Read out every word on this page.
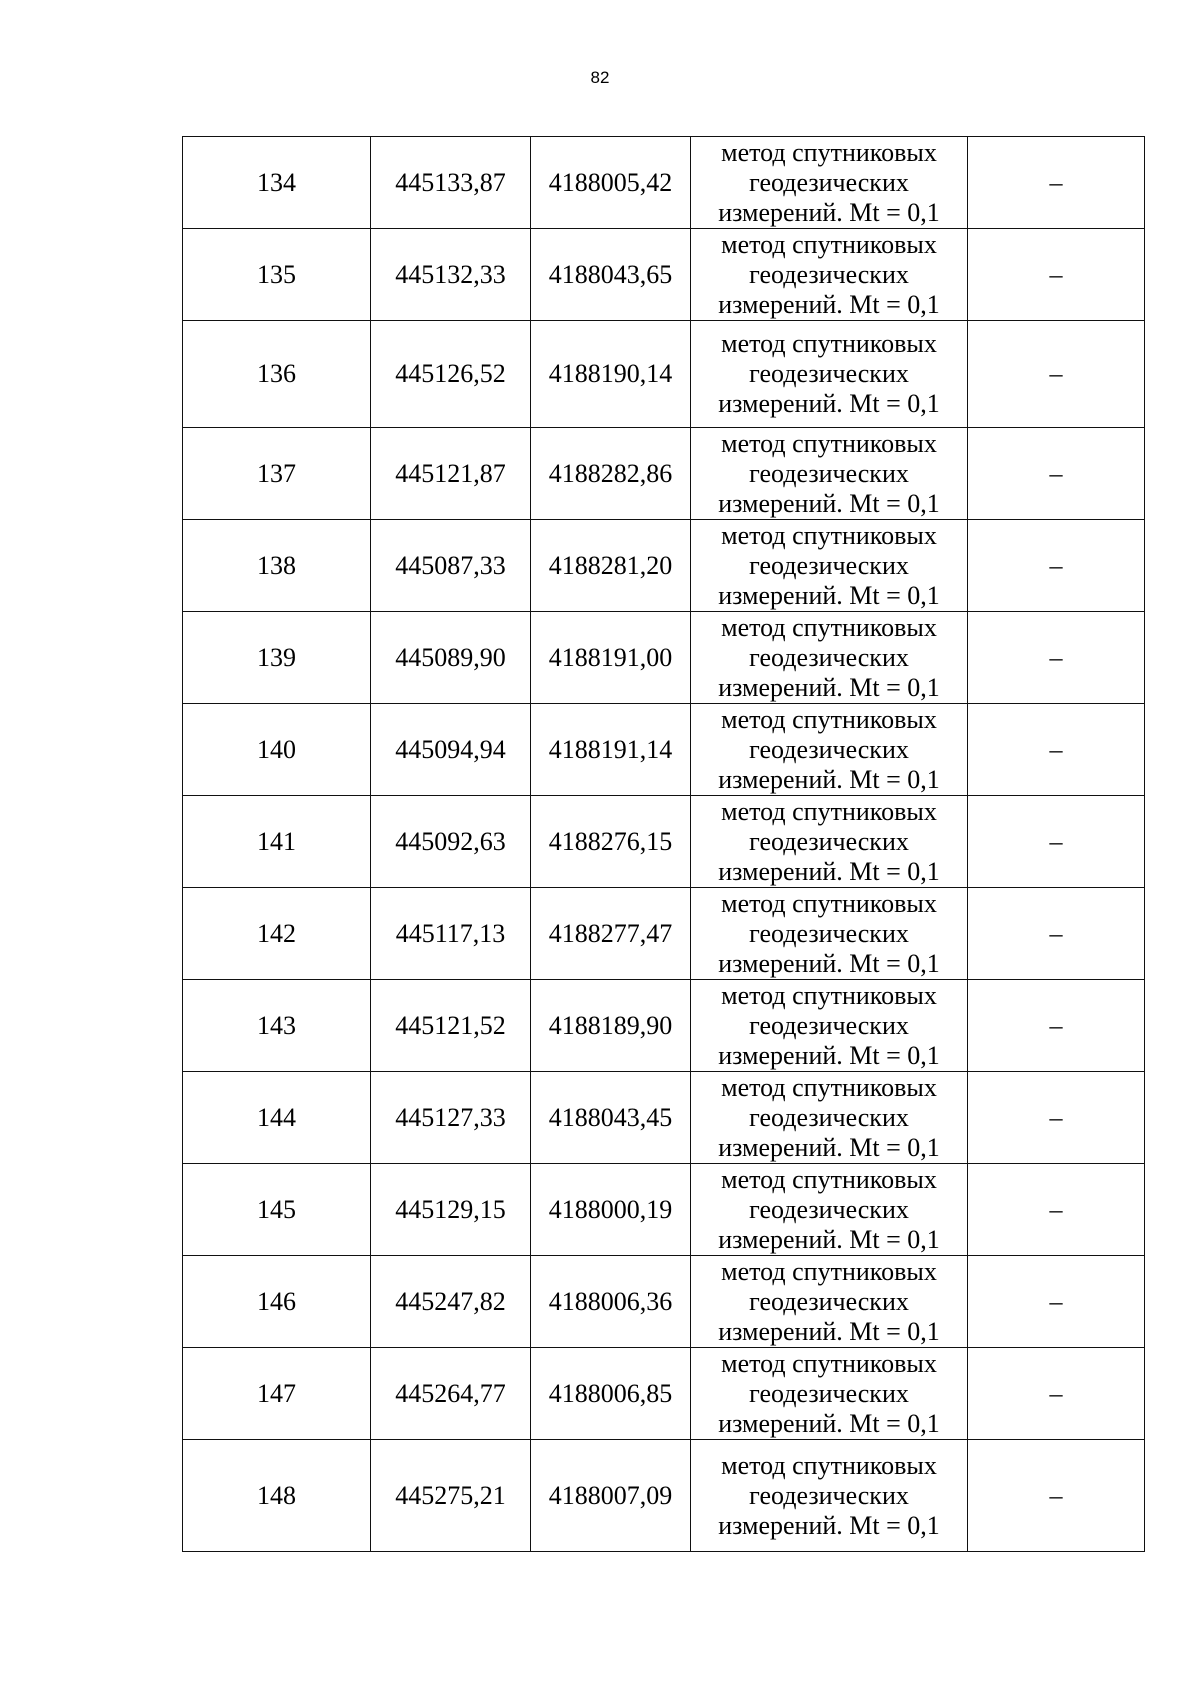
82
134	445133,87	4188005,42	метод спутниковых
геодезических
измерений. Mt = 0,1	–
135	445132,33	4188043,65	метод спутниковых
геодезических
измерений. Mt = 0,1	–
136	445126,52	4188190,14	метод спутниковых
геодезических
измерений. Mt = 0,1	–
137	445121,87	4188282,86	метод спутниковых
геодезических
измерений. Mt = 0,1	–
138	445087,33	4188281,20	метод спутниковых
геодезических
измерений. Mt = 0,1	–
139	445089,90	4188191,00	метод спутниковых
геодезических
измерений. Mt = 0,1	–
140	445094,94	4188191,14	метод спутниковых
геодезических
измерений. Mt = 0,1	–
141	445092,63	4188276,15	метод спутниковых
геодезических
измерений. Mt = 0,1	–
142	445117,13	4188277,47	метод спутниковых
геодезических
измерений. Mt = 0,1	–
143	445121,52	4188189,90	метод спутниковых
геодезических
измерений. Mt = 0,1	–
144	445127,33	4188043,45	метод спутниковых
геодезических
измерений. Mt = 0,1	–
145	445129,15	4188000,19	метод спутниковых
геодезических
измерений. Mt = 0,1	–
146	445247,82	4188006,36	метод спутниковых
геодезических
измерений. Mt = 0,1	–
147	445264,77	4188006,85	метод спутниковых
геодезических
измерений. Mt = 0,1	–
148	445275,21	4188007,09	метод спутниковых
геодезических
измерений. Mt = 0,1	–
